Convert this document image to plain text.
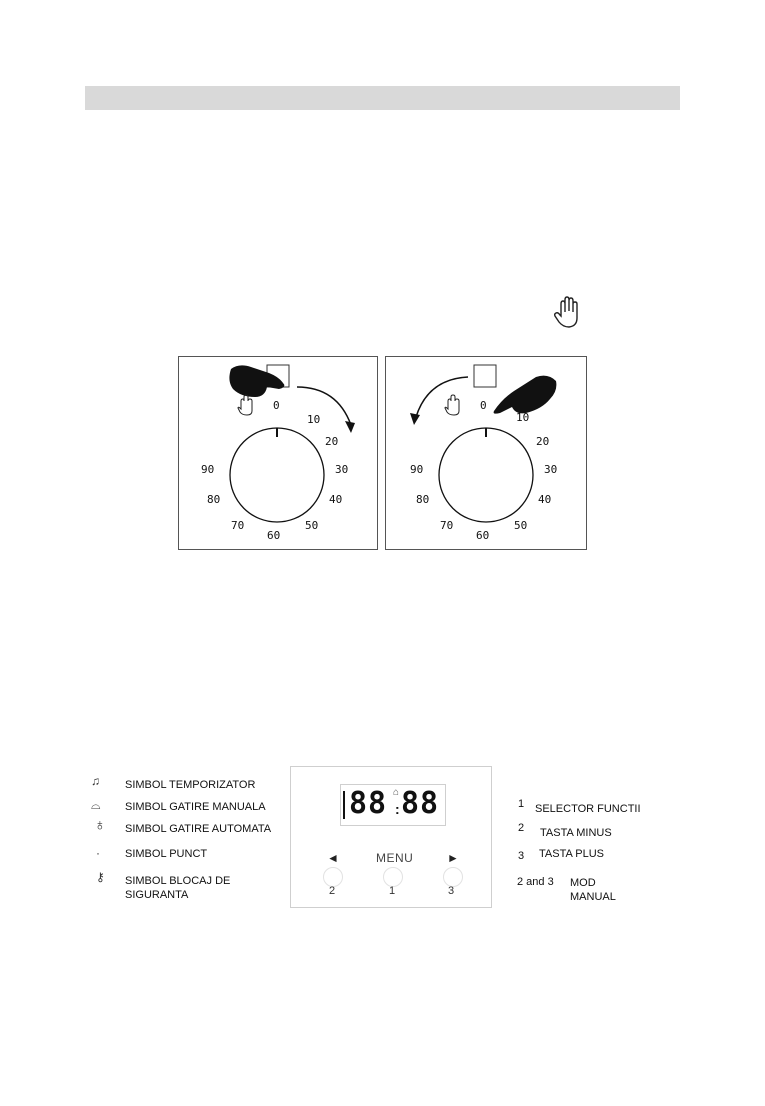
0
10
20
30
40
50
60
70
80
90
0
10
20
30
40
50
60
70
80
90
♫ SIMBOL TEMPORIZATOR
⌓ SIMBOL GATIRE MANUALA
♁ SIMBOL GATIRE AUTOMATA
· SIMBOL PUNCT
⚷ SIMBOL BLOCAJ DE SIGURANTA
88 ⌂
: 88
◄	MENU	►
2	1	3
1 SELECTOR FUNCTII
2 TASTA MINUS
3 TASTA PLUS
2 and 3 MOD MANUAL
